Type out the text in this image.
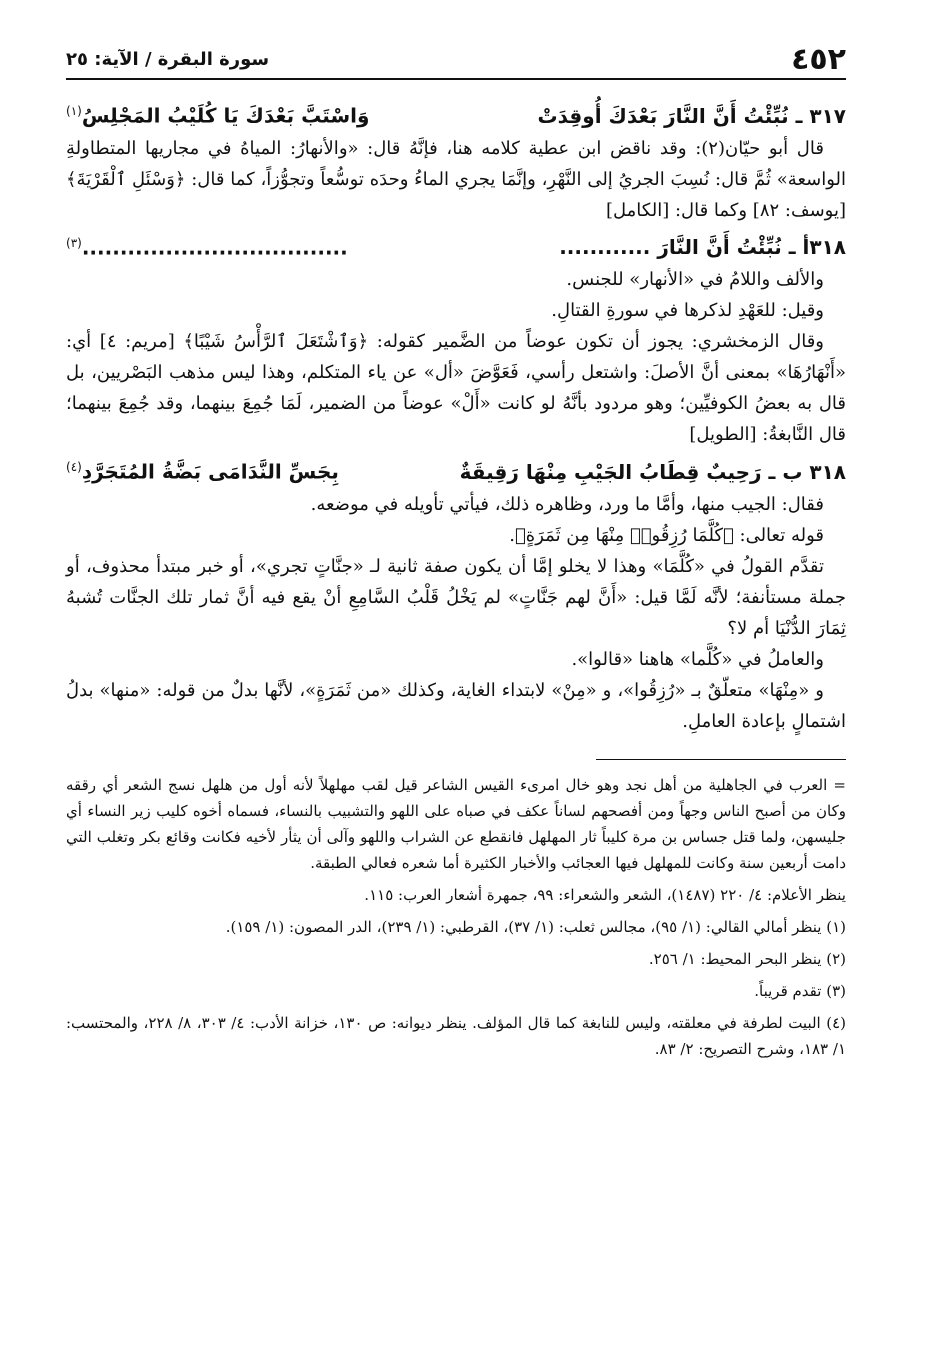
٤٥٢
سورة البقرة / الآية: ٢٥
٣١٧ ـ نُبِّئْتُ أَنَّ النَّارَ بَعْدَكَ أُوقِدَتْ
وَاسْتَبَّ بَعْدَكَ يَا كُلَيْبُ المَجْلِسُ$^{(١)}$

قال أبو حيّان(٢): وقد ناقض ابن عطية كلامه هنا، فإنَّهُ قال: «والأنهارُ: المياهُ في مجاريها المتطاولةِ الواسعة» ثُمَّ قال: نُسِبَ الجريُ إلى النَّهْرِ، وإنَّمَا يجري الماءُ وحدَه توسُّعاً وتجوُّزاً، كما قال: ﴿وَسْئَلِ ٱلْقَرْيَةَ﴾ [يوسف: ٨٢] وكما قال: [الكامل]

٣١٨أ ـ نُبِّئْتُ أَنَّ النَّارَ ............
...................................$^{(٣)}$

والألف واللامُ في «الأنهار» للجنس.

وقيل: للعَهْدِ لذكرها في سورةِ القتالِ.

وقال الزمخشري: يجوز أن تكون عوضاً من الضَّمير كقوله: ﴿وَٱشْتَعَلَ ٱلرَّأْسُ شَيْبًا﴾ [مريم: ٤] أي: «أَنْهَارُهَا» بمعنى أنَّ الأصلَ: واشتعل رأسي، فَعَوَّضَ «أل» عن ياء المتكلم، وهذا ليس مذهب البَصْريين، بل قال به بعضُ الكوفيِّين؛ وهو مردود بأنَّهُ لو كانت «أَلْ» عوضاً من الضمير، لَمَا جُمِعَ بينهما، وقد جُمِعَ بينهما؛ قال النَّابغةُ: [الطويل]

٣١٨ ب ـ رَحِيبٌ قِطَابُ الجَيْبِ مِنْهَا رَقِيقَةٌ
بِجَسِّ النَّدَامَى بَضَّةُ المُتَجَرَّدِ$^{(٤)}$

فقال: الجيب منها، وأمَّا ما ورد، وظاهره ذلك، فيأتي تأويله في موضعه.

قوله تعالى: ﴿كُلَّمَا رُزِقُوا۟ مِنْهَا مِن ثَمَرَةٍ﴾.

تقدَّم القولُ في «كُلَّمَا» وهذا لا يخلو إمَّا أن يكون صفة ثانية لـ «جنَّاتٍ تجري»، أو خبر مبتدأ محذوف، أو جملة مستأنفة؛ لأنَّه لَمَّا قيل: «أَنَّ لهم جَنَّاتٍ» لم يَخْلُ قَلْبُ السَّامِعِ أنْ يقع فيه أنَّ ثمار تلك الجنَّات تُشبهُ ثِمَارَ الدُّنْيَا أم لا؟

والعاملُ في «كُلَّما» هاهنا «قالوا».

و «مِنْهَا» متعلّقٌ بـ «رُزِقُوا»، و «مِنْ» لابتداء الغاية، وكذلك «من ثَمَرَةٍ»، لأنَّها بدلٌ من قوله: «منها» بدلُ اشتمالٍ بإعادة العاملِ.

= العرب في الجاهلية من أهل نجد وهو خال امرىء القيس الشاعر قيل لقب مهلهلاً لأنه أول من هلهل نسج الشعر أي رققه وكان من أصبح الناس وجهاً ومن أفصحهم لساناً عكف في صباه على اللهو والتشبيب بالنساء، فسماه أخوه كليب زير النساء أي جليسهن، ولما قتل جساس بن مرة كليباً ثار المهلهل فانقطع عن الشراب واللهو وآلى أن يثأر لأخيه فكانت وقائع بكر وتغلب التي دامت أربعين سنة وكانت للمهلهل فيها العجائب والأخبار الكثيرة أما شعره فعالي الطبقة.

ينظر الأعلام: ٤/ ٢٢٠ (١٤٨٧)، الشعر والشعراء: ٩٩، جمهرة أشعار العرب: ١١٥.

(١) ينظر أمالي القالي: (١/ ٩٥)، مجالس ثعلب: (١/ ٣٧)، القرطبي: (١/ ٢٣٩)، الدر المصون: (١/ ١٥٩).

(٢) ينظر البحر المحيط: ١/ ٢٥٦.

(٣) تقدم قريباً.

(٤) البيت لطرفة في معلقته، وليس للنابغة كما قال المؤلف. ينظر ديوانه: ص ١٣٠، خزانة الأدب: ٤/ ٣٠٣، ٨/ ٢٢٨، والمحتسب: ١/ ١٨٣، وشرح التصريح: ٢/ ٨٣.
